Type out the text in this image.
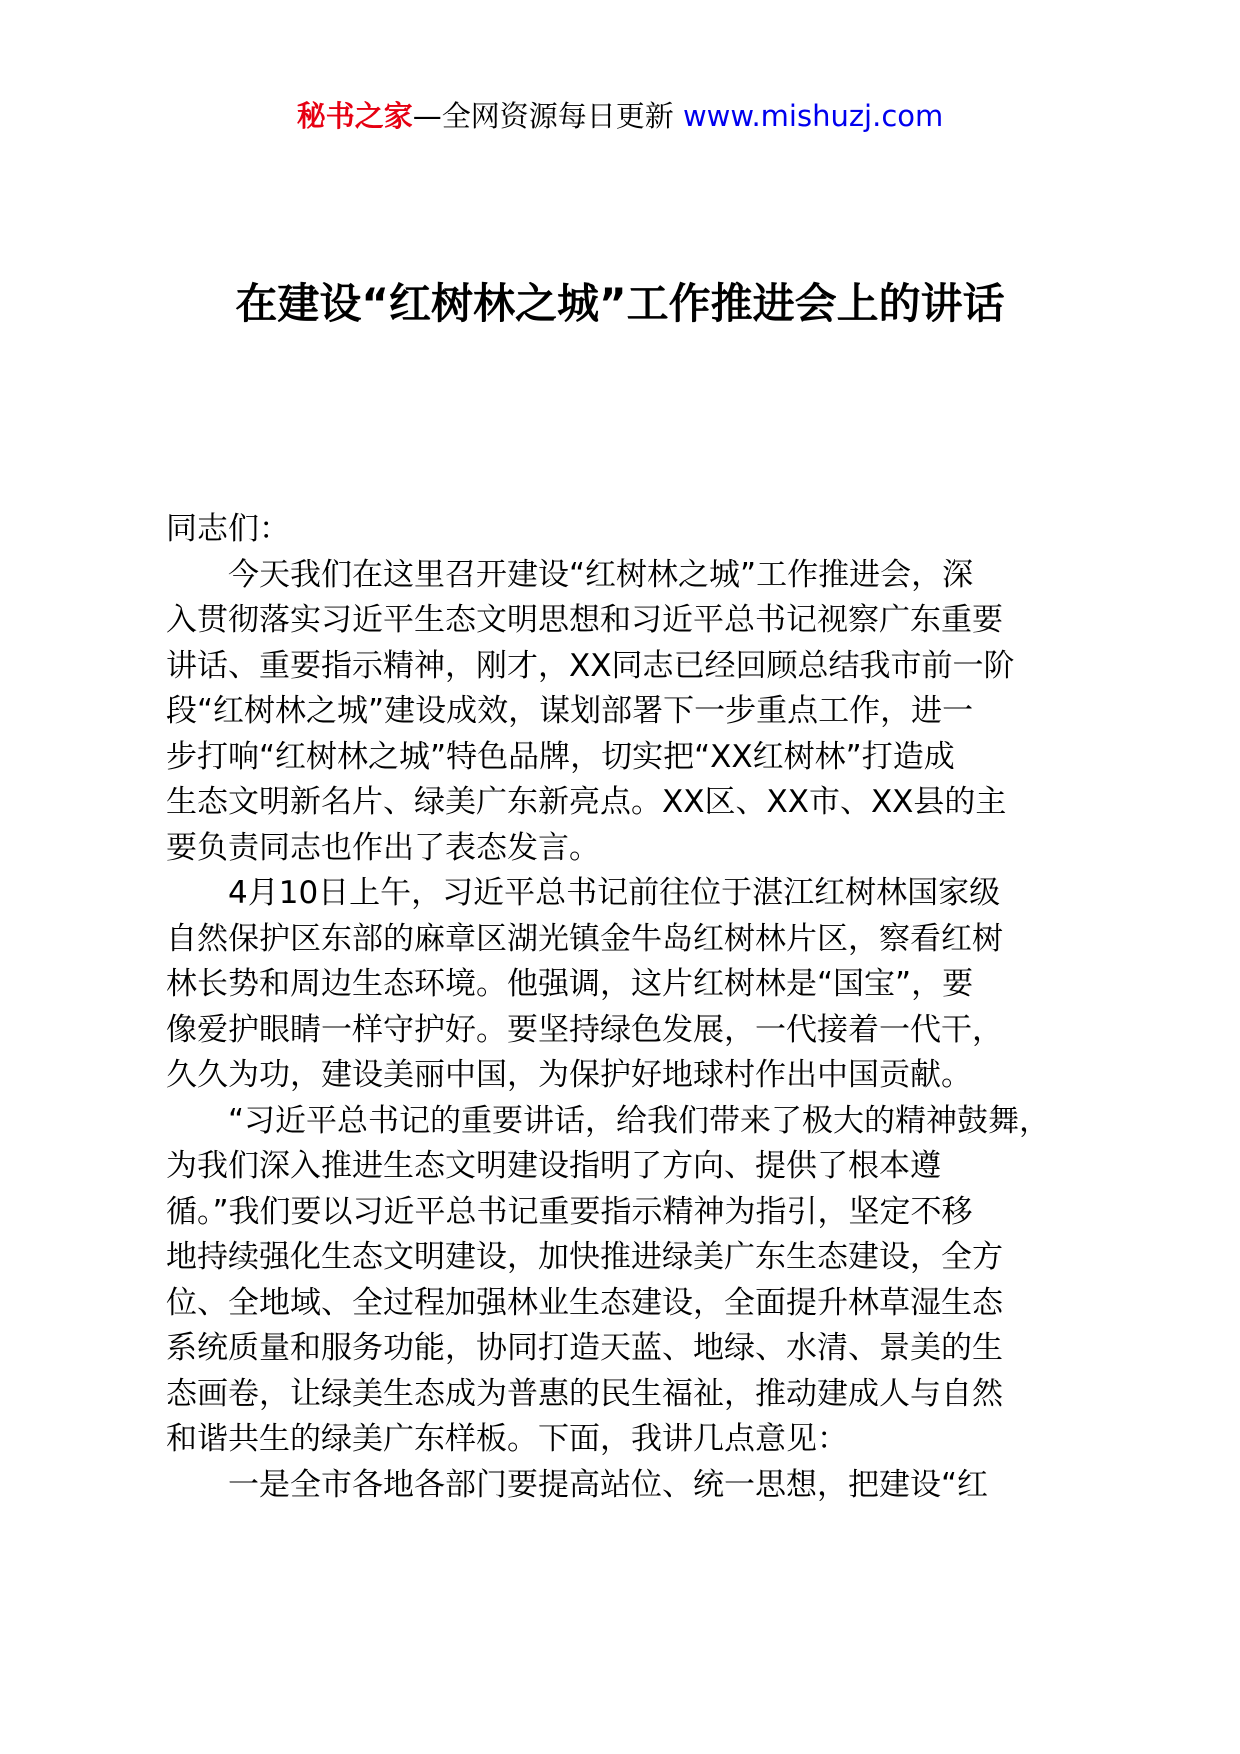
秘书之家—全网资源每日更新 www.mishuzj.com
在建设“红树林之城”工作推进会上的讲话
同志们：
　　今天我们在这里召开建设“红树林之城”工作推进会，深
入贯彻落实习近平生态文明思想和习近平总书记视察广东重要
讲话、重要指示精神，刚才，XX同志已经回顾总结我市前一阶
段“红树林之城”建设成效，谋划部署下一步重点工作，进一
步打响“红树林之城”特色品牌，切实把“XX红树林”打造成
生态文明新名片、绿美广东新亮点。XX区、XX市、XX县的主
要负责同志也作出了表态发言。
　　4月10日上午，习近平总书记前往位于湛江红树林国家级
自然保护区东部的麻章区湖光镇金牛岛红树林片区，察看红树
林长势和周边生态环境。他强调，这片红树林是“国宝”，要
像爱护眼睛一样守护好。要坚持绿色发展，一代接着一代干，
久久为功，建设美丽中国，为保护好地球村作出中国贡献。
　　“习近平总书记的重要讲话，给我们带来了极大的精神鼓舞，
为我们深入推进生态文明建设指明了方向、提供了根本遵
循。”我们要以习近平总书记重要指示精神为指引，坚定不移
地持续强化生态文明建设，加快推进绿美广东生态建设，全方
位、全地域、全过程加强林业生态建设，全面提升林草湿生态
系统质量和服务功能，协同打造天蓝、地绿、水清、景美的生
态画卷，让绿美生态成为普惠的民生福祉，推动建成人与自然
和谐共生的绿美广东样板。下面，我讲几点意见：
　　一是全市各地各部门要提高站位、统一思想，把建设“红
